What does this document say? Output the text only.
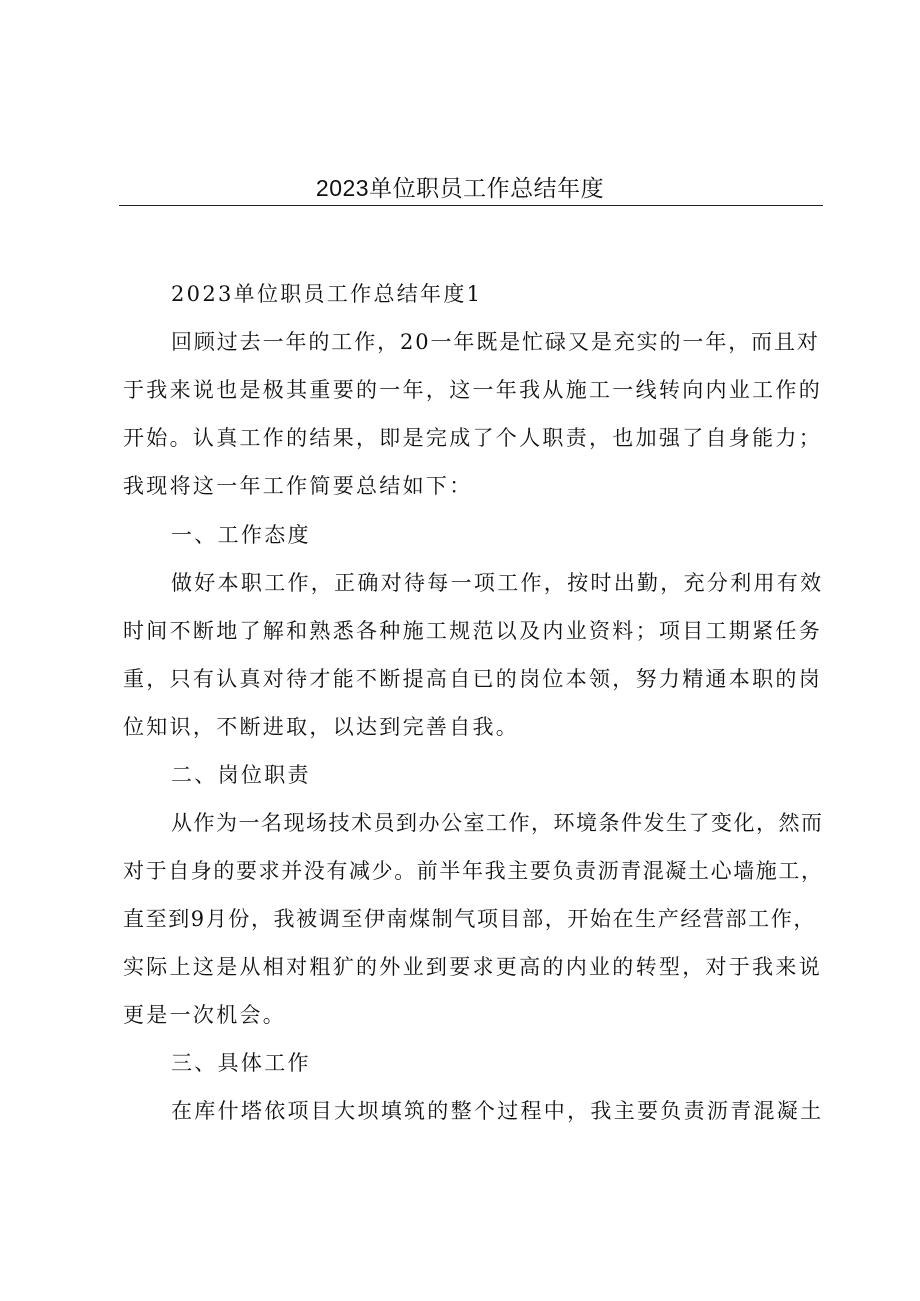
2023单位职员工作总结年度
2023单位职员工作总结年度1
回顾过去一年的工作，20一年既是忙碌又是充实的一年，而且对
于我来说也是极其重要的一年，这一年我从施工一线转向内业工作的
开始。认真工作的结果，即是完成了个人职责，也加强了自身能力；
我现将这一年工作简要总结如下：
一、工作态度
做好本职工作，正确对待每一项工作，按时出勤，充分利用有效
时间不断地了解和熟悉各种施工规范以及内业资料；项目工期紧任务
重，只有认真对待才能不断提高自已的岗位本领，努力精通本职的岗
位知识，不断进取，以达到完善自我。
二、岗位职责
从作为一名现场技术员到办公室工作，环境条件发生了变化，然而
对于自身的要求并没有减少。前半年我主要负责沥青混凝土心墙施工，
直至到9月份，我被调至伊南煤制气项目部，开始在生产经营部工作，
实际上这是从相对粗犷的外业到要求更高的内业的转型，对于我来说
更是一次机会。
三、具体工作
在库什塔依项目大坝填筑的整个过程中，我主要负责沥青混凝土
